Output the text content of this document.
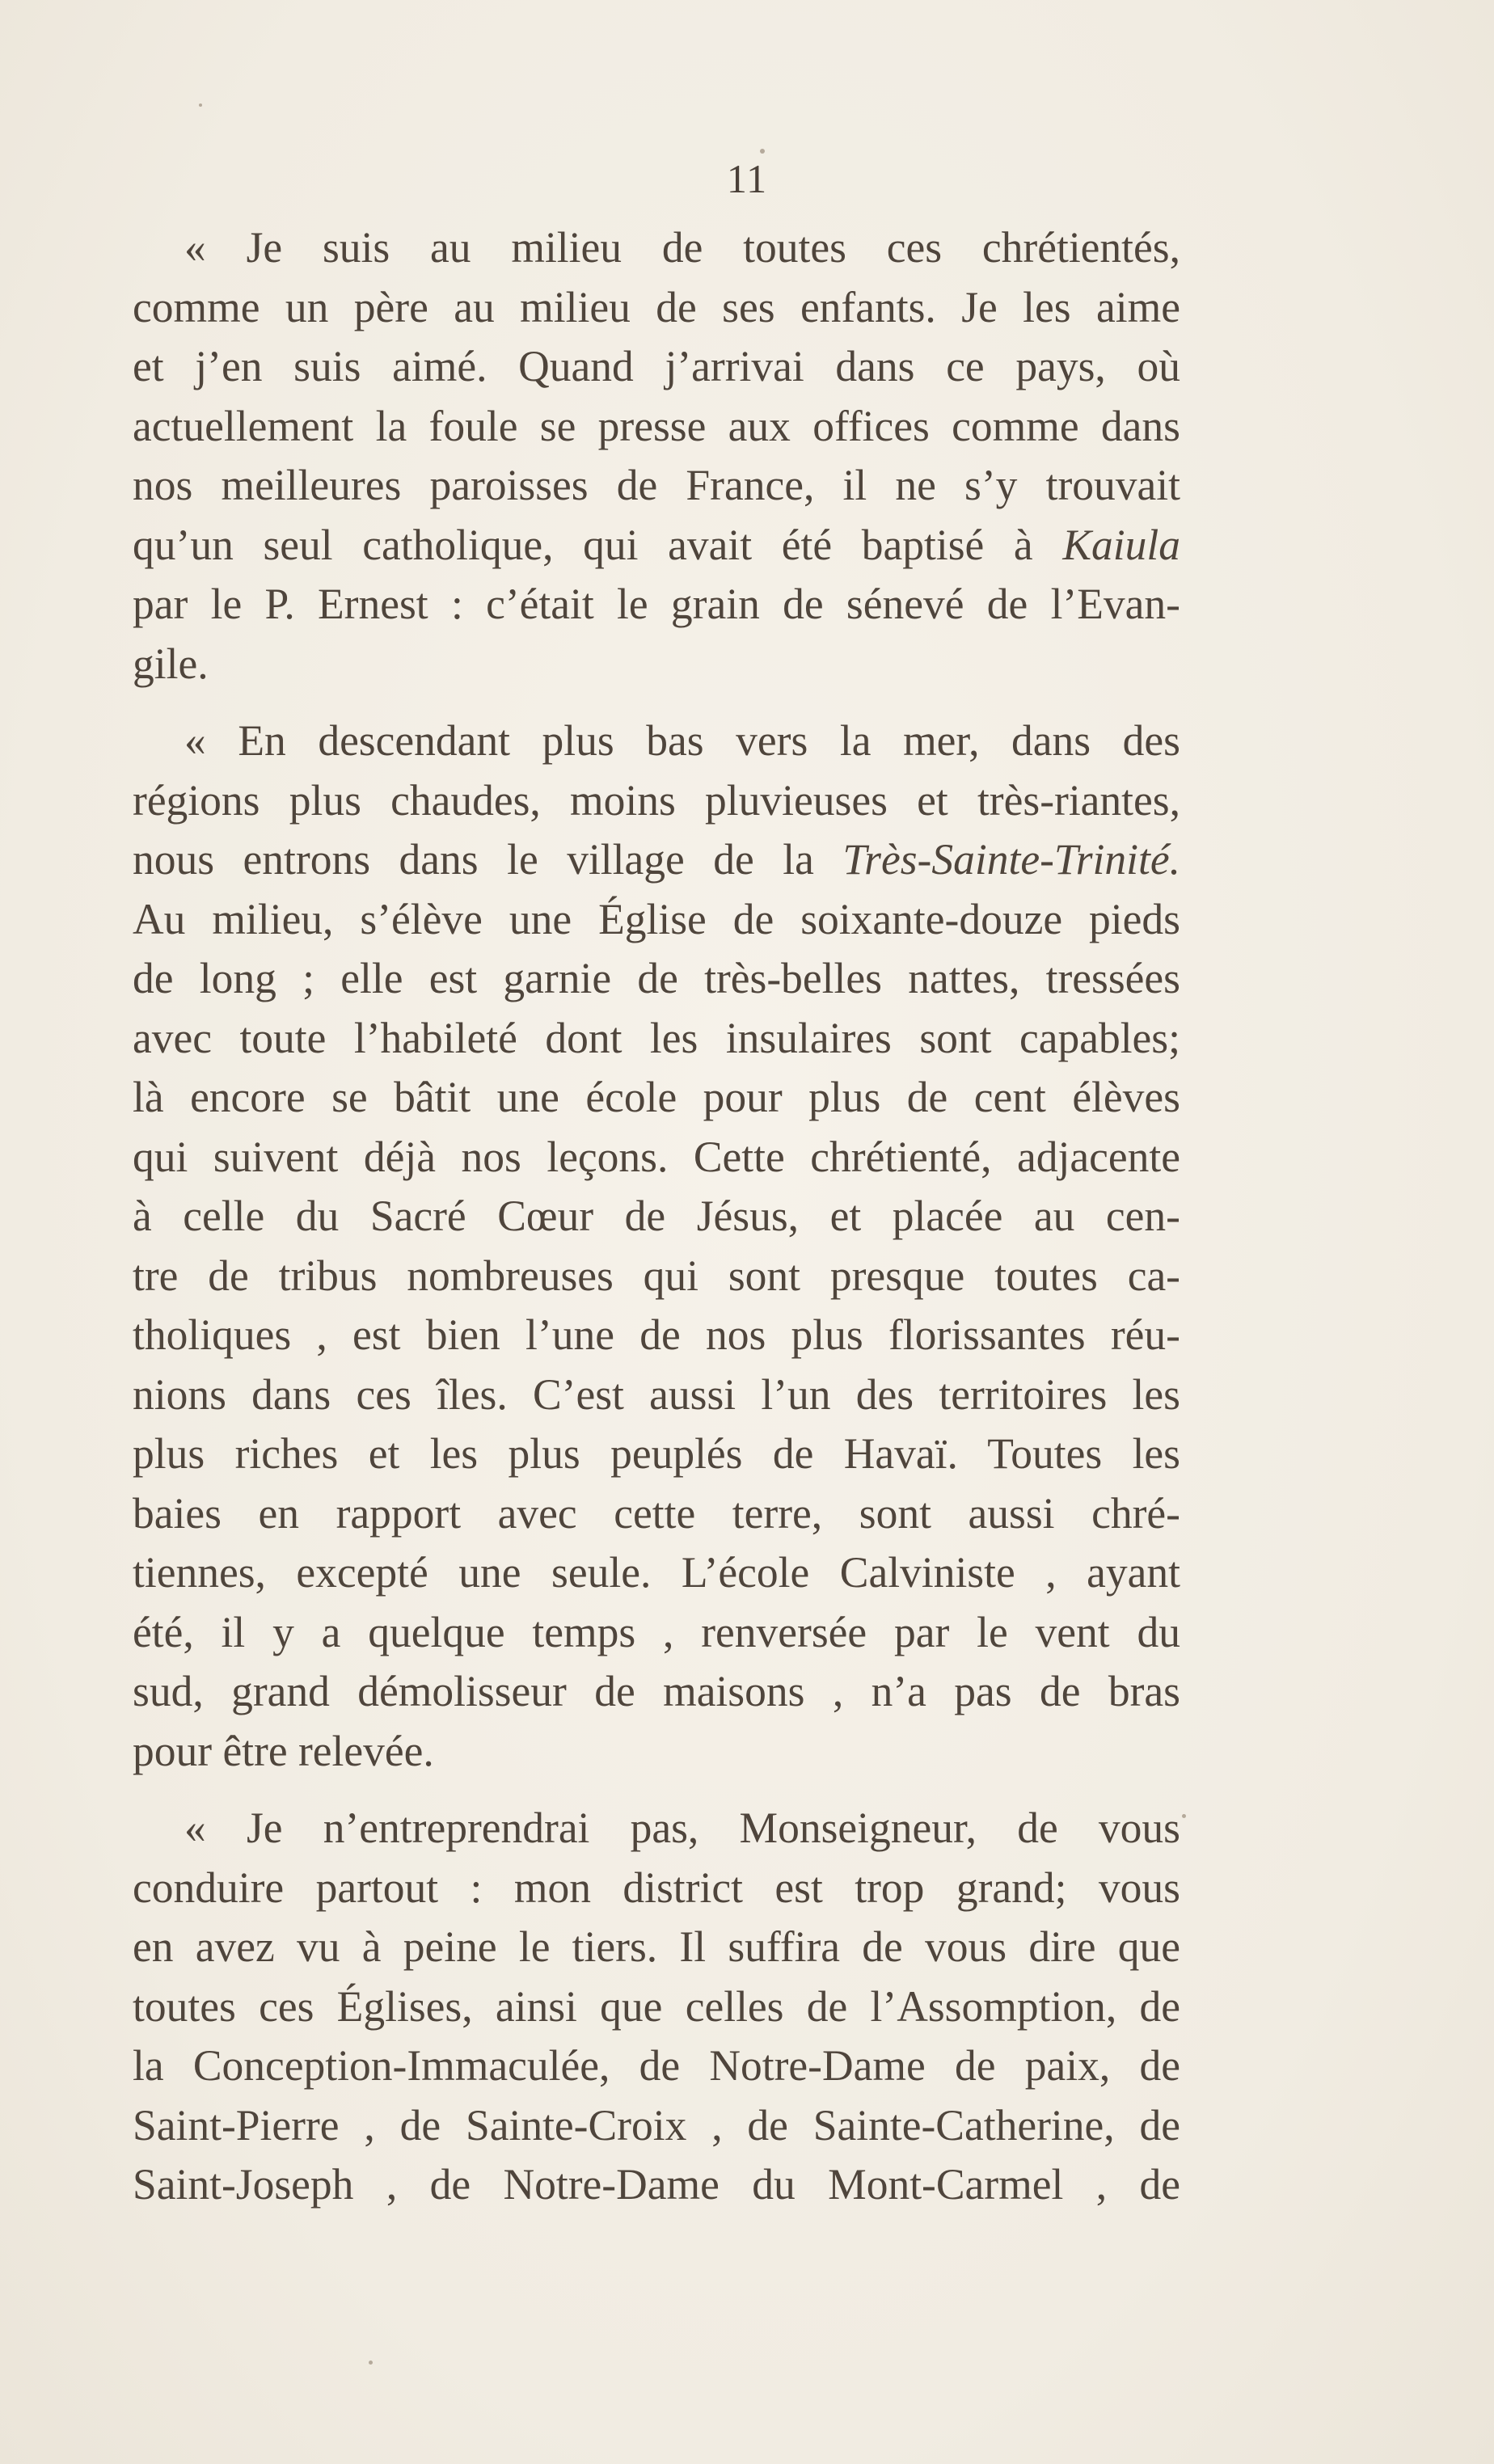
11

« Je suis au milieu de toutes ces chrétientés,
comme un père au milieu de ses enfants. Je les aime
et j’en suis aimé. Quand j’arrivai dans ce pays, où
actuellement la foule se presse aux offices comme dans
nos meilleures paroisses de France, il ne s’y trouvait
qu’un seul catholique, qui avait été baptisé à Kaiula
par le P. Ernest : c’était le grain de sénevé de l’Evan-
gile.

« En descendant plus bas vers la mer, dans des
régions plus chaudes, moins pluvieuses et très-riantes,
nous entrons dans le village de la Très-Sainte-Trinité.
Au milieu, s’élève une Église de soixante-douze pieds
de long ; elle est garnie de très-belles nattes, tressées
avec toute l’habileté dont les insulaires sont capables;
là encore se bâtit une école pour plus de cent élèves
qui suivent déjà nos leçons. Cette chrétienté, adjacente
à celle du Sacré Cœur de Jésus, et placée au cen-
tre de tribus nombreuses qui sont presque toutes ca-
tholiques , est bien l’une de nos plus florissantes réu-
nions dans ces îles. C’est aussi l’un des territoires les
plus riches et les plus peuplés de Havaï. Toutes les
baies en rapport avec cette terre, sont aussi chré-
tiennes, excepté une seule. L’école Calviniste , ayant
été, il y a quelque temps , renversée par le vent du
sud, grand démolisseur de maisons , n’a pas de bras
pour être relevée.

« Je n’entreprendrai pas, Monseigneur, de vous
conduire partout : mon district est trop grand; vous
en avez vu à peine le tiers. Il suffira de vous dire que
toutes ces Églises, ainsi que celles de l’Assomption, de
la Conception-Immaculée, de Notre-Dame de paix, de
Saint-Pierre , de Sainte-Croix , de Sainte-Catherine, de
Saint-Joseph , de Notre-Dame du Mont-Carmel , de
